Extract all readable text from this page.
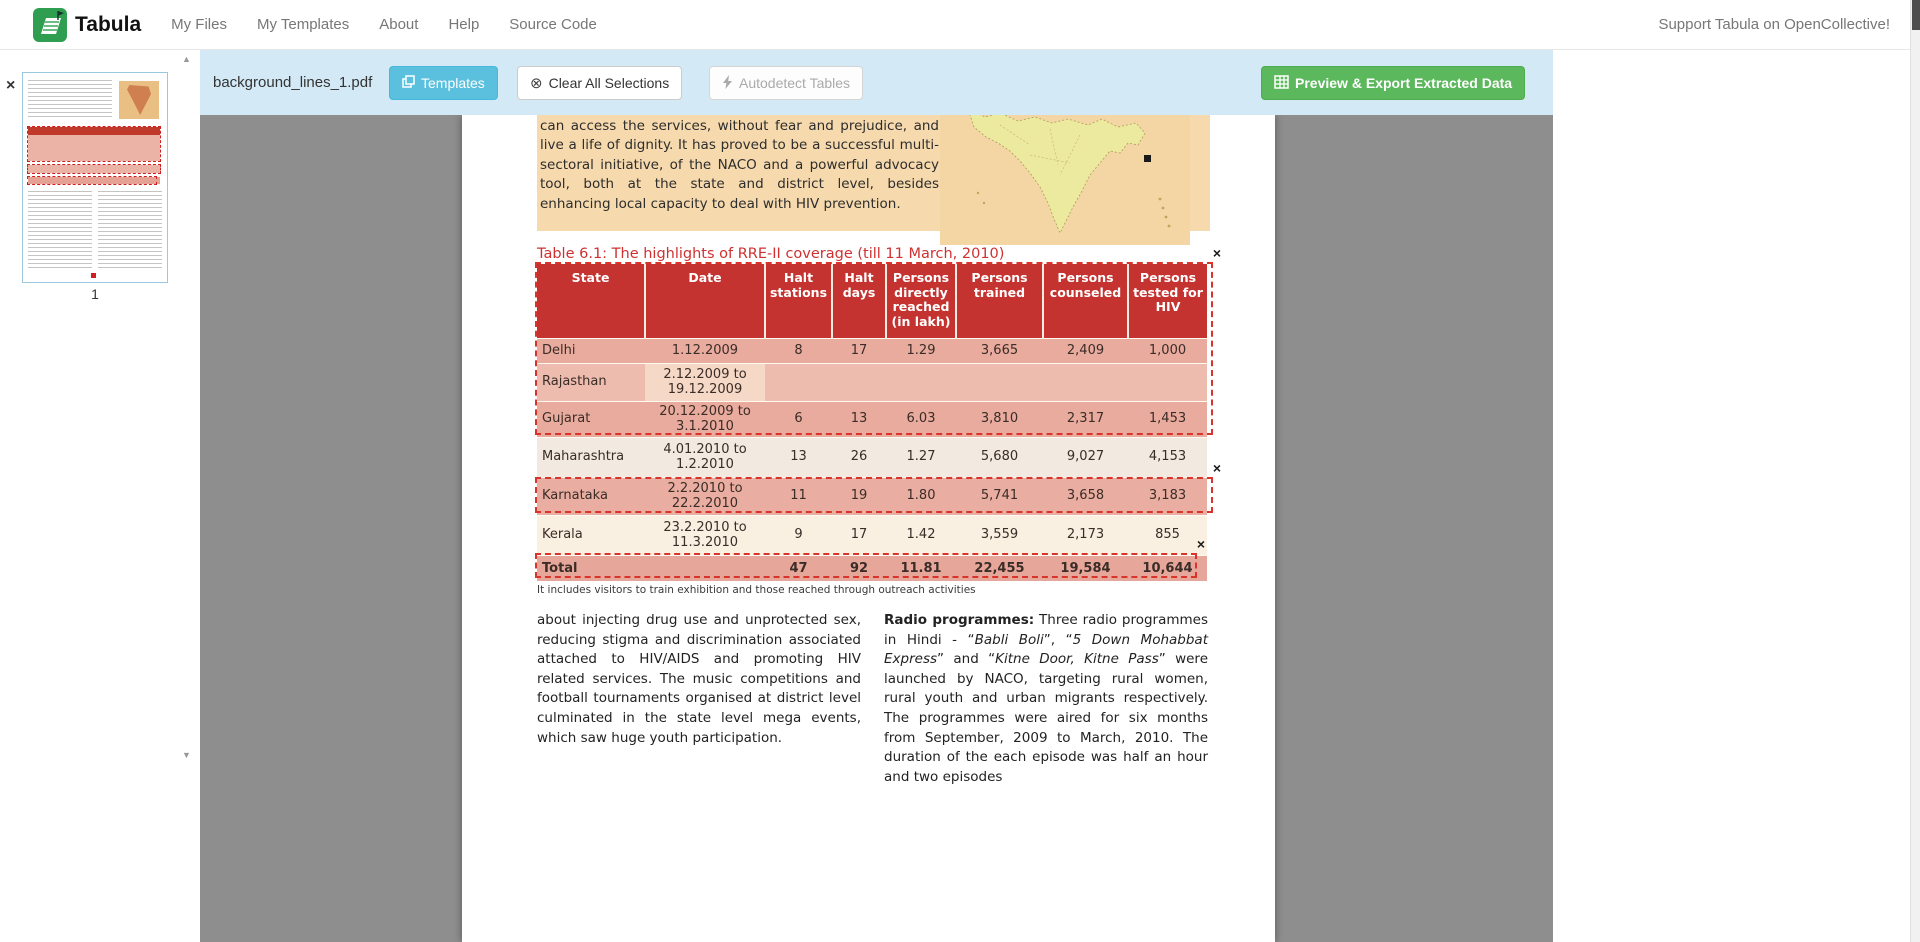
Tabula My Files My Templates About Help Source Code	Support Tabula on OpenCollective!
×
1
▲
▼
background_lines_1.pdf	Templates	⊗ Clear All Selections	Autodetect Tables	Preview & Export Extracted Data

can access the services, without fear and prejudice, and live a life of dignity. It has proved to be a successful multi-sectoral initiative, of the NACO and a powerful advocacy tool, both at the state and district level, besides enhancing local capacity to deal with HIV prevention.

Table 6.1: The highlights of RRE-II coverage (till 11 March, 2010)
State	Date	Halt stations	Halt days	Persons directly reached (in lakh)	Persons trained	Persons counseled	Persons tested for HIV
Delhi	1.12.2009	8	17	1.29	3,665	2,409	1,000
Rajasthan	2.12.2009 to 19.12.2009						
Gujarat	20.12.2009 to 3.1.2010	6	13	6.03	3,810	2,317	1,453
Maharashtra	4.01.2010 to 1.2.2010	13	26	1.27	5,680	9,027	4,153
Karnataka	2.2.2010 to 22.2.2010	11	19	1.80	5,741	3,658	3,183
Kerala	23.2.2010 to 11.3.2010	9	17	1.42	3,559	2,173	855
Total		47	92	11.81	22,455	19,584	10,644
×
×
×
It includes visitors to train exhibition and those reached through outreach activities

about injecting drug use and unprotected sex, reducing stigma and discrimination associated attached to HIV/AIDS and promoting HIV related services. The music competitions and football tournaments organised at district level culminated in the state level mega events, which saw huge youth participation.

Radio programmes: Three radio programmes in Hindi - “Babli Boli”, “5 Down Mohabbat Express” and “Kitne Door, Kitne Pass” were launched by NACO, targeting rural women, rural youth and urban migrants respectively. The programmes were aired for six months from September, 2009 to March, 2010. The duration of the each episode was half an hour and two episodes
